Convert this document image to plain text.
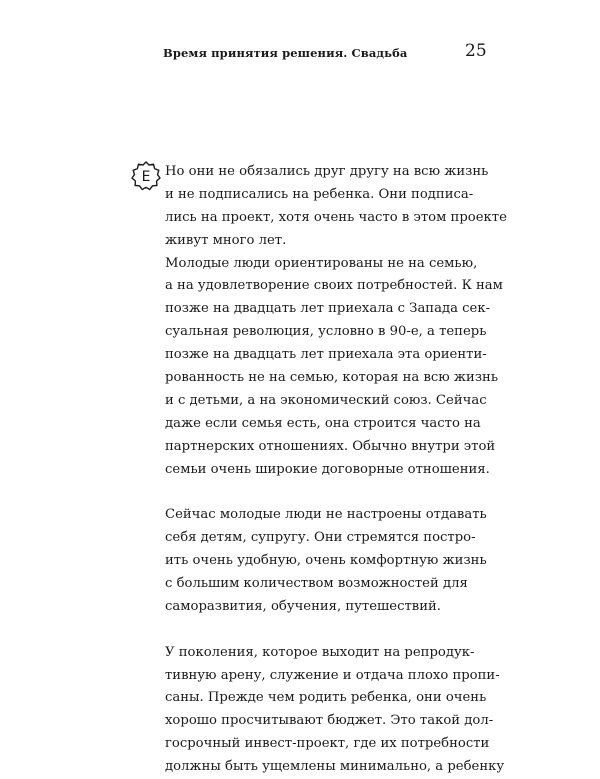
Время принятия решения. Свадьба	25
Е Но они не обязались друг другу на всю жизнь
и не подписались на ребенка. Они подписа-
лись на проект, хотя очень часто в этом проекте
живут много лет.
Молодые люди ориентированы не на семью,
а на удовлетворение своих потребностей. К нам
позже на двадцать лет приехала с Запада сек-
суальная революция, условно в 90-е, а теперь
позже на двадцать лет приехала эта ориенти-
рованность не на семью, которая на всю жизнь
и с детьми, а на экономический союз. Сейчас
даже если семья есть, она строится часто на
партнерских отношениях. Обычно внутри этой
семьи очень широкие договорные отношения.
Сейчас молодые люди не настроены отдавать
себя детям, супругу. Они стремятся постро-
ить очень удобную, очень комфортную жизнь
с большим количеством возможностей для
саморазвития, обучения, путешествий.
У поколения, которое выходит на репродук-
тивную арену, служение и отдача плохо пропи-
саны. Прежде чем родить ребенка, они очень
хорошо просчитывают бюджет. Это такой дол-
госрочный инвест-проект, где их потребности
должны быть ущемлены минимально, а ребенку
